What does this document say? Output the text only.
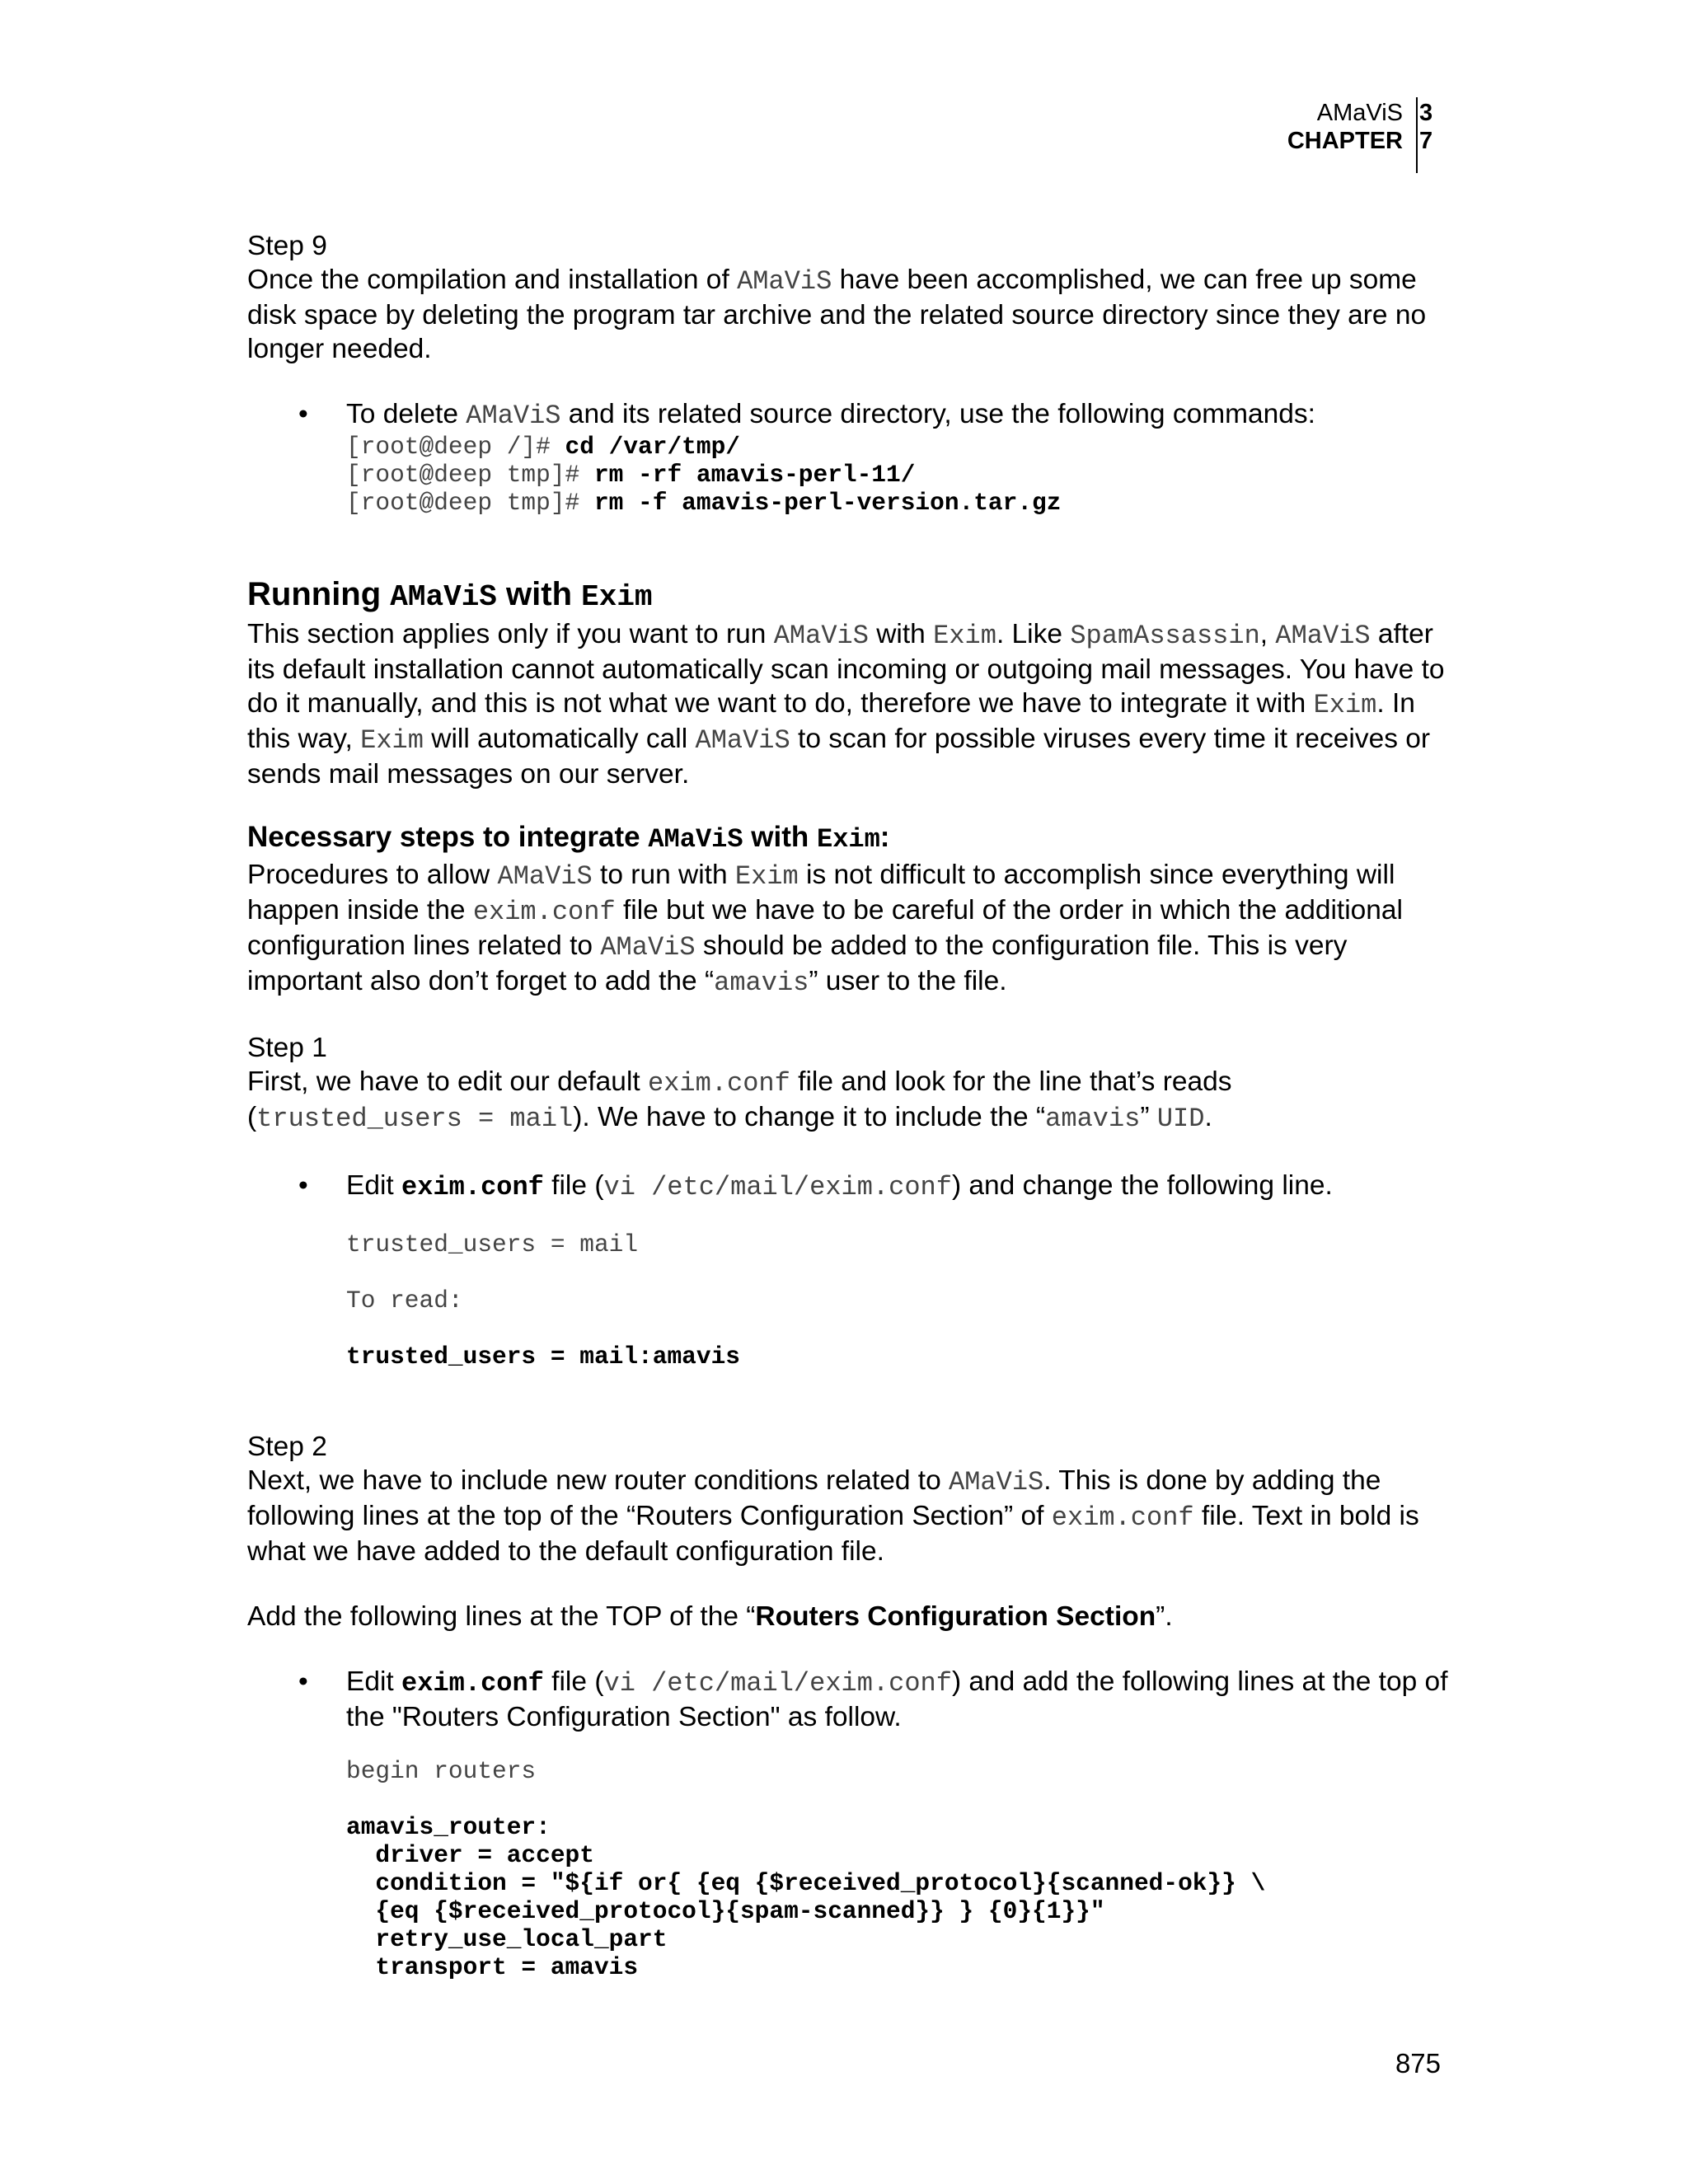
AMaViS 3
CHAPTER 7

Step 9

Once the compilation and installation of AMaViS have been accomplished, we can free up some disk space by deleting the program tar archive and the related source directory since they are no longer needed.

• To delete AMaViS and its related source directory, use the following commands:

[root@deep /]# cd /var/tmp/
[root@deep tmp]# rm -rf amavis-perl-11/
[root@deep tmp]# rm -f amavis-perl-version.tar.gz
Running AMaViS with Exim

This section applies only if you want to run AMaViS with Exim. Like SpamAssassin, AMaViS after its default installation cannot automatically scan incoming or outgoing mail messages. You have to do it manually, and this is not what we want to do, therefore we have to integrate it with Exim. In this way, Exim will automatically call AMaViS to scan for possible viruses every time it receives or sends mail messages on our server.

Necessary steps to integrate AMaViS with Exim:

Procedures to allow AMaViS to run with Exim is not difficult to accomplish since everything will happen inside the exim.conf file but we have to be careful of the order in which the additional configuration lines related to AMaViS should be added to the configuration file. This is very important also don’t forget to add the “amavis” user to the file.

Step 1

First, we have to edit our default exim.conf file and look for the line that’s reads (trusted_users = mail). We have to change it to include the “amavis” UID.

• Edit exim.conf file (vi /etc/mail/exim.conf) and change the following line.

trusted_users = mail
To read:
trusted_users = mail:amavis

Step 2

Next, we have to include new router conditions related to AMaViS. This is done by adding the following lines at the top of the “Routers Configuration Section” of exim.conf file. Text in bold is what we have added to the default configuration file.

Add the following lines at the TOP of the “Routers Configuration Section”.

• Edit exim.conf file (vi /etc/mail/exim.conf) and add the following lines at the top of the "Routers Configuration Section" as follow.

begin routers
amavis_router:
driver = accept
condition = "${if or{ {eq {$received_protocol}{scanned-ok}} \
{eq {$received_protocol}{spam-scanned}} } {0}{1}}"
retry_use_local_part
transport = amavis
875
